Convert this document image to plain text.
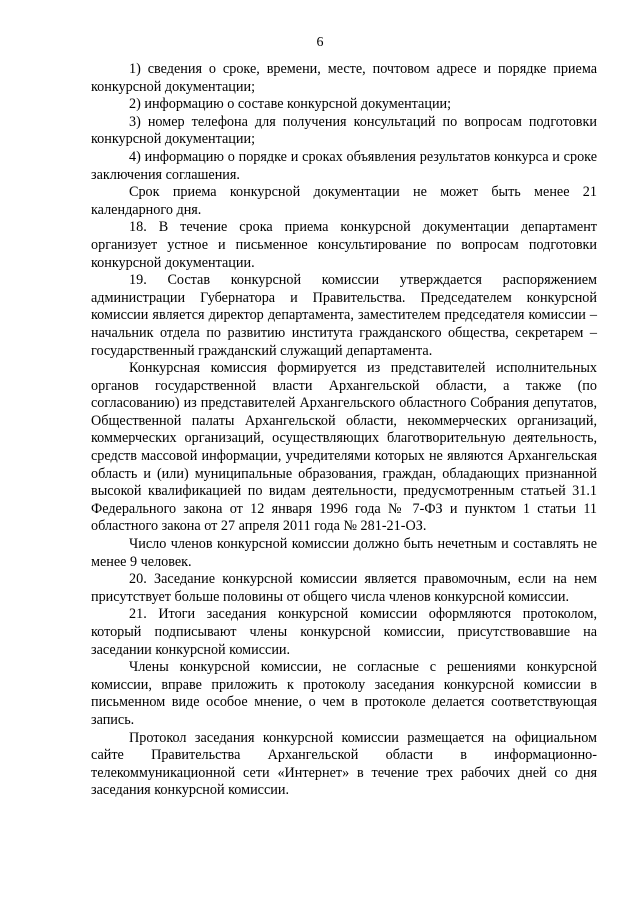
6

1) сведения о сроке, времени, месте, почтовом адресе и порядке приема конкурсной документации;

2) информацию о составе конкурсной документации;

3) номер телефона для получения консультаций по вопросам подготовки конкурсной документации;

4) информацию о порядке и сроках объявления результатов конкурса и сроке заключения соглашения.

Срок приема конкурсной документации не может быть менее 21 календарного дня.

18. В течение срока приема конкурсной документации департамент организует устное и письменное консультирование по вопросам подготовки конкурсной документации.

19. Состав конкурсной комиссии утверждается распоряжением администрации Губернатора и Правительства. Председателем конкурсной комиссии является директор департамента, заместителем председателя комиссии – начальник отдела по развитию института гражданского общества, секретарем – государственный гражданский служащий департамента.

Конкурсная комиссия формируется из представителей исполнительных органов государственной власти Архангельской области, а также (по согласованию) из представителей Архангельского областного Собрания депутатов, Общественной палаты Архангельской области, некоммерческих организаций, коммерческих организаций, осуществляющих благотворительную деятельность, средств массовой информации, учредителями которых не являются Архангельская область и (или) муниципальные образования, граждан, обладающих признанной высокой квалификацией по видам деятельности, предусмотренным статьей 31.1 Федерального закона от 12 января 1996 года № 7-ФЗ и пунктом 1 статьи 11 областного закона от 27 апреля 2011 года № 281-21-ОЗ.

Число членов конкурсной комиссии должно быть нечетным и составлять не менее 9 человек.

20. Заседание конкурсной комиссии является правомочным, если на нем присутствует больше половины от общего числа членов конкурсной комиссии.

21. Итоги заседания конкурсной комиссии оформляются протоколом, который подписывают члены конкурсной комиссии, присутствовавшие на заседании конкурсной комиссии.

Члены конкурсной комиссии, не согласные с решениями конкурсной комиссии, вправе приложить к протоколу заседания конкурсной комиссии в письменном виде особое мнение, о чем в протоколе делается соответствующая запись.

Протокол заседания конкурсной комиссии размещается на официальном сайте Правительства Архангельской области в информационно-телекоммуникационной сети «Интернет» в течение трех рабочих дней со дня заседания конкурсной комиссии.
